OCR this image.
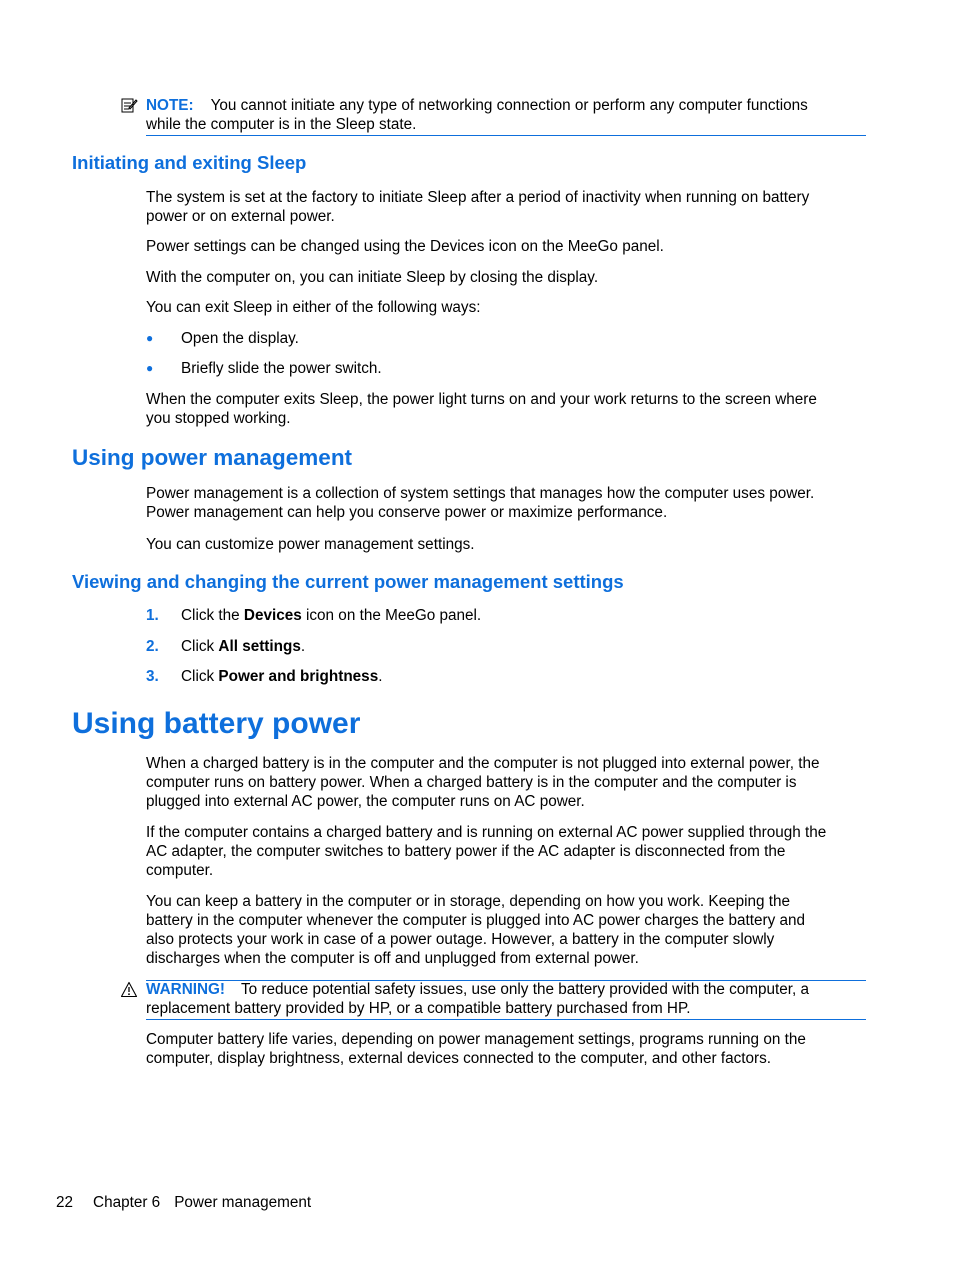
NOTE: You cannot initiate any type of networking connection or perform any computer functions
while the computer is in the Sleep state.
Initiating and exiting Sleep
The system is set at the factory to initiate Sleep after a period of inactivity when running on battery
power or on external power.

Power settings can be changed using the Devices icon on the MeeGo panel.

With the computer on, you can initiate Sleep by closing the display.

You can exit Sleep in either of the following ways:

● Open the display.
● Briefly slide the power switch.
When the computer exits Sleep, the power light turns on and your work returns to the screen where
you stopped working.
Using power management
Power management is a collection of system settings that manages how the computer uses power.
Power management can help you conserve power or maximize performance.

You can customize power management settings.

Viewing and changing the current power management settings
1. Click the Devices icon on the MeeGo panel.
2. Click All settings.
3. Click Power and brightness.
Using battery power
When a charged battery is in the computer and the computer is not plugged into external power, the
computer runs on battery power. When a charged battery is in the computer and the computer is
plugged into external AC power, the computer runs on AC power.
If the computer contains a charged battery and is running on external AC power supplied through the
AC adapter, the computer switches to battery power if the AC adapter is disconnected from the
computer.
You can keep a battery in the computer or in storage, depending on how you work. Keeping the
battery in the computer whenever the computer is plugged into AC power charges the battery and
also protects your work in case of a power outage. However, a battery in the computer slowly
discharges when the computer is off and unplugged from external power.
WARNING! To reduce potential safety issues, use only the battery provided with the computer, a
replacement battery provided by HP, or a compatible battery purchased from HP.
Computer battery life varies, depending on power management settings, programs running on the
computer, display brightness, external devices connected to the computer, and other factors.
22 Chapter 6 Power management
